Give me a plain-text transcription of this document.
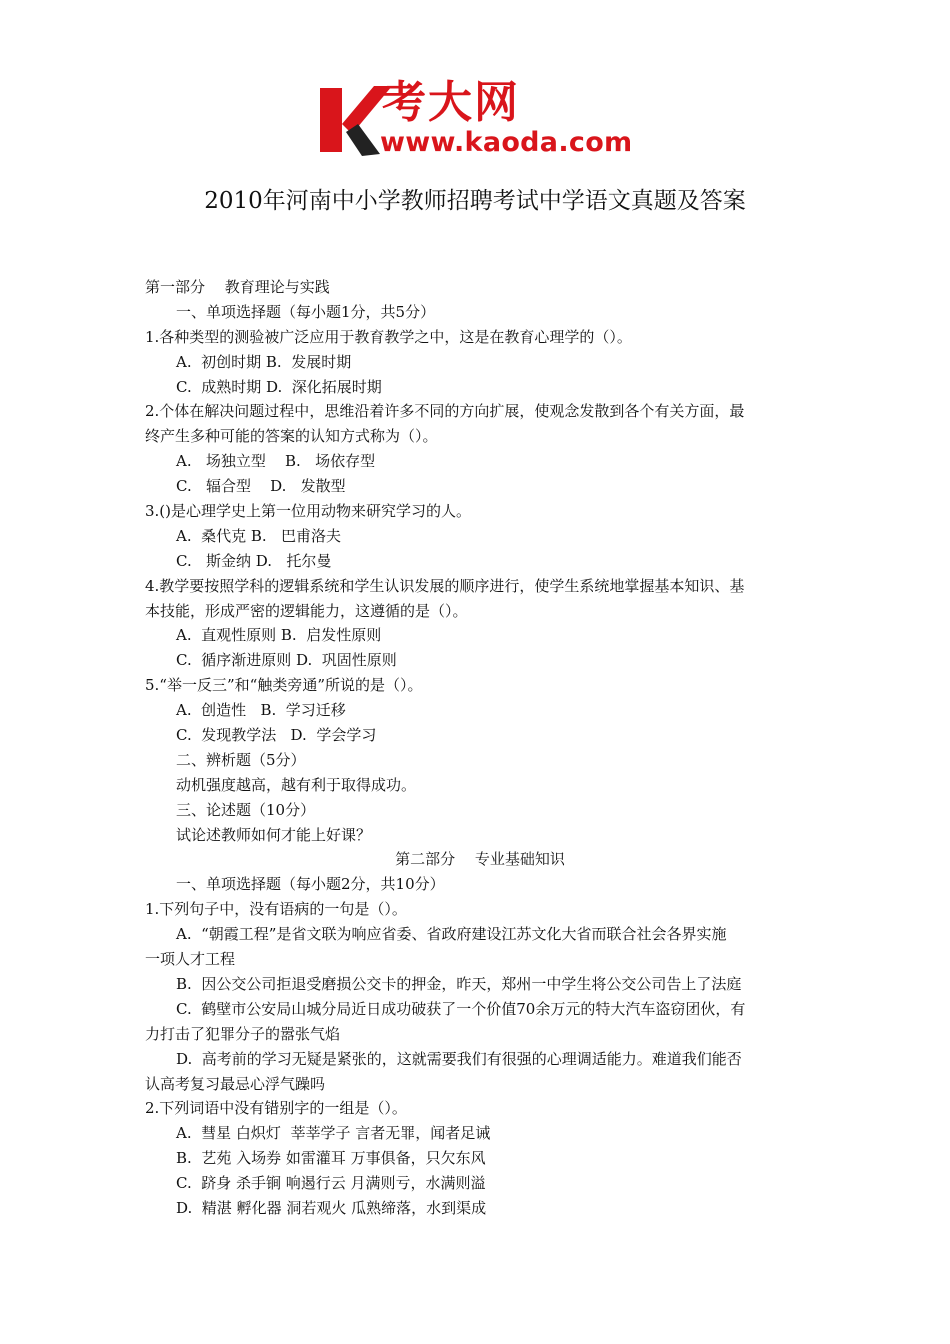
考大网
www.kaoda.com
2010年河南中小学教师招聘考试中学语文真题及答案
第一部分　 教育理论与实践
一、单项选择题（每小题1分，共5分）
1.各种类型的测验被广泛应用于教育教学之中，这是在教育心理学的（）。
A.  初创时期 B.  发展时期
C.  成熟时期 D.  深化拓展时期
2.个体在解决问题过程中，思维沿着许多不同的方向扩展，使观念发散到各个有关方面，最
终产生多种可能的答案的认知方式称为（）。
A.   场独立型    B.   场依存型
C.   辐合型    D.   发散型
3.()是心理学史上第一位用动物来研究学习的人。
A.  桑代克 B.   巴甫洛夫
C.   斯金纳 D.   托尔曼
4.教学要按照学科的逻辑系统和学生认识发展的顺序进行，使学生系统地掌握基本知识、基
本技能，形成严密的逻辑能力，这遵循的是（）。
A.  直观性原则 B.  启发性原则
C.  循序渐进原则 D.  巩固性原则
5.“举一反三”和“触类旁通”所说的是（）。
A.  创造性   B.  学习迁移
C.  发现教学法   D.  学会学习
二、辨析题（5分）
动机强度越高，越有利于取得成功。
三、论述题（10分）
试论述教师如何才能上好课？
第二部分　 专业基础知识
一、单项选择题（每小题2分，共10分）
1.下列句子中，没有语病的一句是（）。
A.  “朝霞工程”是省文联为响应省委、省政府建设江苏文化大省而联合社会各界实施
一项人才工程
B.  因公交公司拒退受磨损公交卡的押金，昨天，郑州一中学生将公交公司告上了法庭
C.  鹤壁市公安局山城分局近日成功破获了一个价值70余万元的特大汽车盗窃团伙，有
力打击了犯罪分子的嚣张气焰
D.  高考前的学习无疑是紧张的，这就需要我们有很强的心理调适能力。难道我们能否
认高考复习最忌心浮气躁吗
2.下列词语中没有错别字的一组是（）。
A.  彗星 白炽灯  莘莘学子 言者无罪，闻者足诫
B.  艺苑 入场券 如雷灌耳 万事俱备，只欠东风
C.  跻身 杀手锏 响遏行云 月满则亏，水满则溢
D.  精湛 孵化器 洞若观火 瓜熟缔落，水到渠成
